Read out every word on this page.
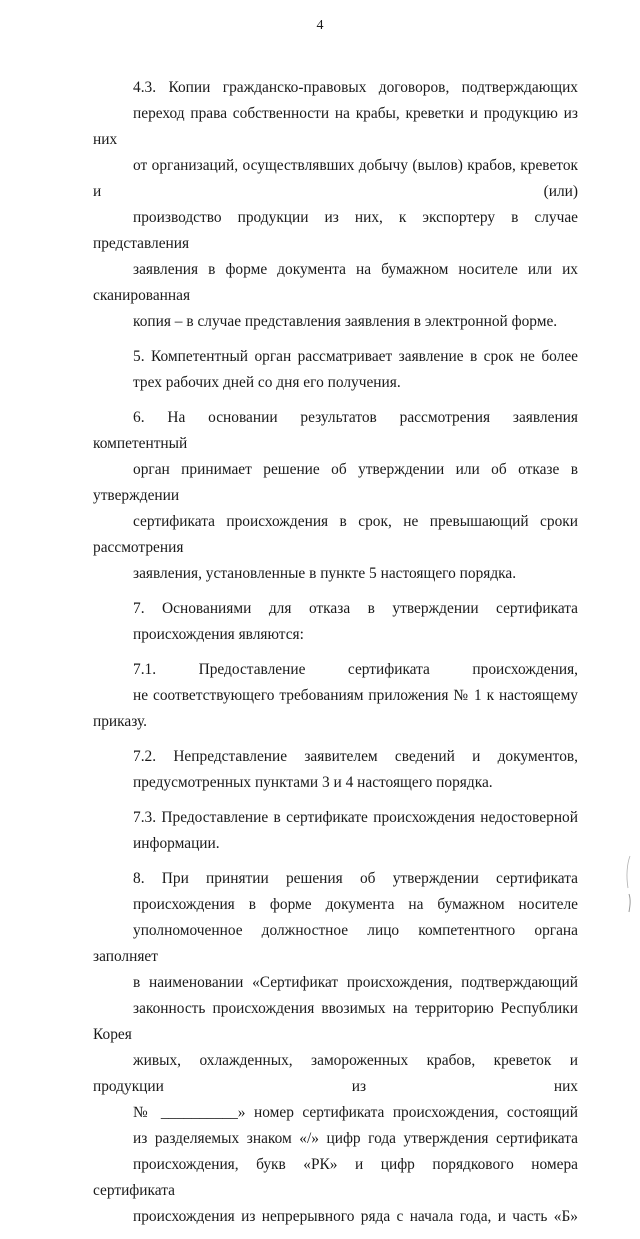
4
4.3. Копии гражданско-правовых договоров, подтверждающих
переход права собственности на крабы, креветки и продукцию из них
от организаций, осуществлявших добычу (вылов) крабов, креветок и (или)
производство продукции из них, к экспортеру в случае представления
заявления в форме документа на бумажном носителе или их сканированная
копия – в случае представления заявления в электронной форме.
5. Компетентный орган рассматривает заявление в срок не более
трех рабочих дней со дня его получения.
6. На основании результатов рассмотрения заявления компетентный
орган принимает решение об утверждении или об отказе в утверждении
сертификата происхождения в срок, не превышающий сроки рассмотрения
заявления, установленные в пункте 5 настоящего порядка.
7. Основаниями для отказа в утверждении сертификата
происхождения являются:
7.1. Предоставление сертификата происхождения,
не соответствующего требованиям приложения № 1 к настоящему приказу.
7.2. Непредставление заявителем сведений и документов,
предусмотренных пунктами 3 и 4 настоящего порядка.
7.3. Предоставление в сертификате происхождения недостоверной
информации.
8. При принятии решения об утверждении сертификата
происхождения в форме документа на бумажном носителе
уполномоченное должностное лицо компетентного органа заполняет
в наименовании «Сертификат происхождения, подтверждающий
законность происхождения ввозимых на территорию Республики Корея
живых, охлажденных, замороженных крабов, креветок и продукции из них
№ __________» номер сертификата происхождения, состоящий
из разделяемых знаком «/» цифр года утверждения сертификата
происхождения, букв «РК» и цифр порядкового номера сертификата
происхождения из непрерывного ряда с начала года, и часть «Б»
